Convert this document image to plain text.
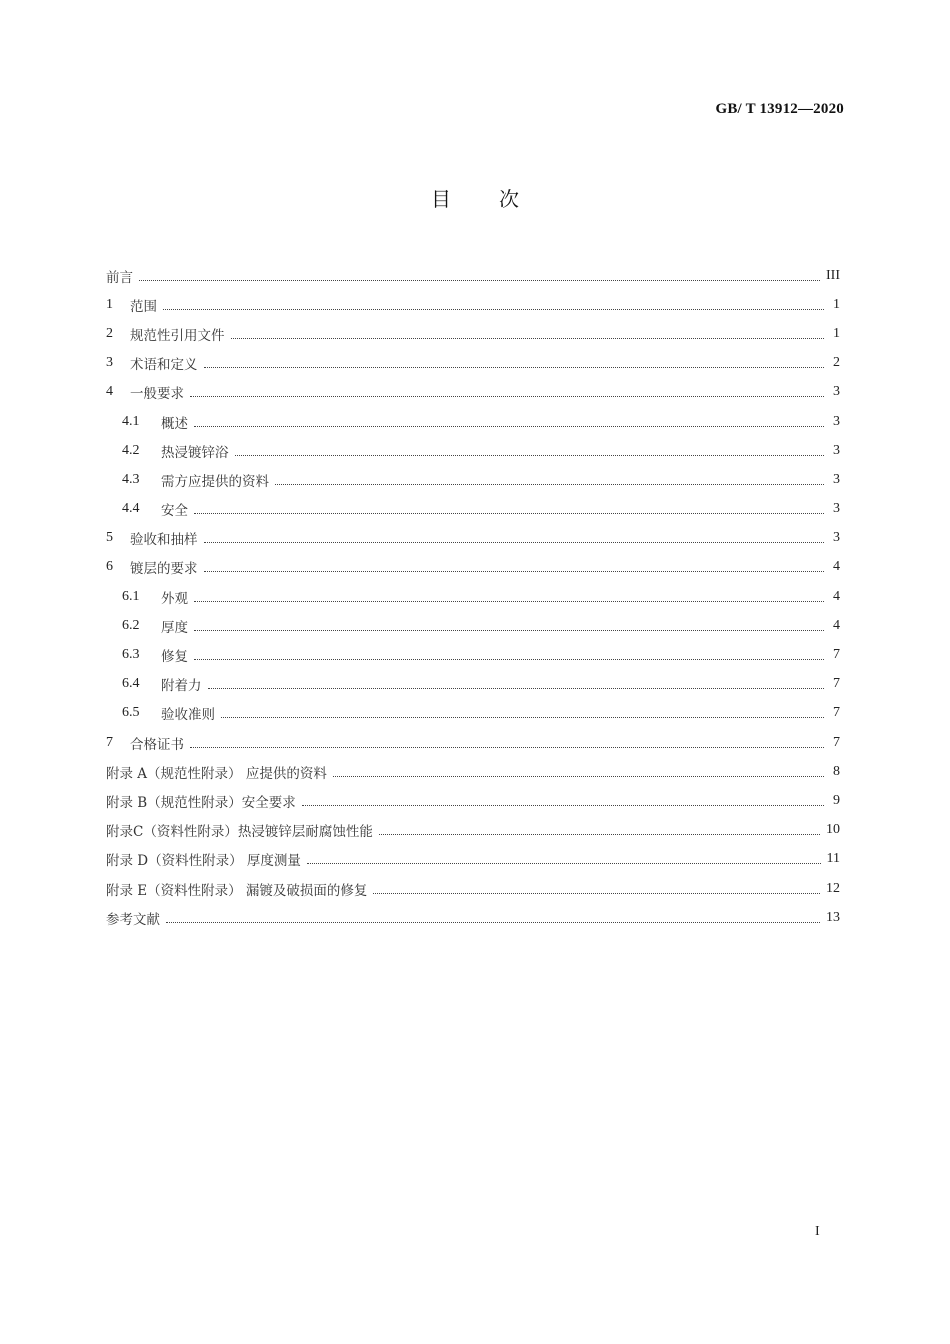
GB/ T 13912—2020
目 次
前言	III
1	范围	1
2	规范性引用文件	1
3	术语和定义	2
4	一般要求	3
4.1	概述	3
4.2	热浸镀锌浴	3
4.3	需方应提供的资料	3
4.4	安全	3
5	验收和抽样	3
6	镀层的要求	4
6.1	外观	4
6.2	厚度	4
6.3	修复	7
6.4	附着力	7
6.5	验收准则	7
7	合格证书	7
附录 A（规范性附录） 应提供的资料	8
附录 B（规范性附录）安全要求	9
附录C（资料性附录）热浸镀锌层耐腐蚀性能	10
附录 D（资料性附录） 厚度测量	11
附录 E（资料性附录） 漏镀及破损面的修复	12
参考文献	13
I
